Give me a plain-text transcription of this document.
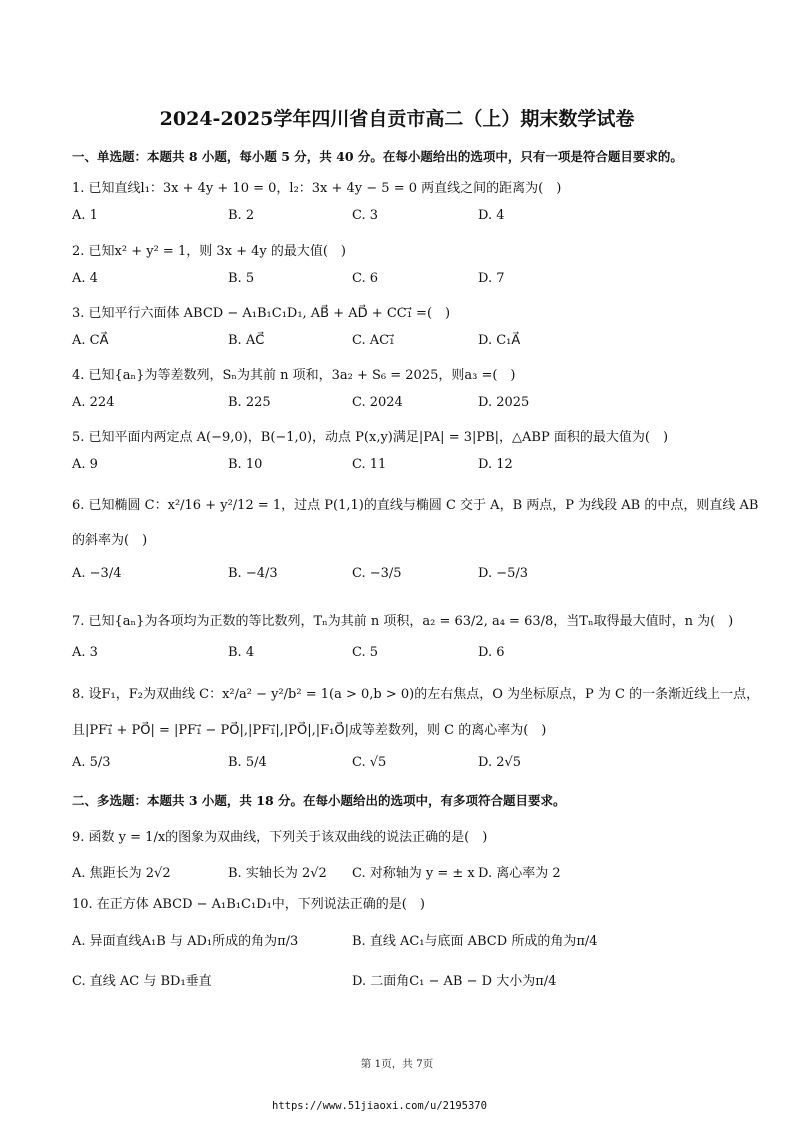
2024-2025学年四川省自贡市高二（上）期末数学试卷
一、单选题：本题共 8 小题，每小题 5 分，共 40 分。在每小题给出的选项中，只有一项是符合题目要求的。
1. 已知直线l₁：3x + 4y + 10 = 0，l₂：3x + 4y − 5 = 0 两直线之间的距离为(　)
A. 1	B. 2	C. 3	D. 4
2. 已知x² + y² = 1，则 3x + 4y 的最大值(　)
A. 4	B. 5	C. 6	D. 7
3. 已知平行六面体 ABCD − A₁B₁C₁D₁, AB⃗ + AD⃗ + CC₁⃗ =(　)
A. CA⃗	B. AC⃗	C. AC₁⃗	D. C₁A⃗
4. 已知{aₙ}为等差数列，Sₙ为其前 n 项和，3a₂ + S₆ = 2025，则a₃ =(　)
A. 224	B. 225	C. 2024	D. 2025
5. 已知平面内两定点 A(−9,0)，B(−1,0)，动点 P(x,y)满足|PA| = 3|PB|，△ABP 面积的最大值为(　)
A. 9	B. 10	C. 11	D. 12
6. 已知椭圆 C：x²/16 + y²/12 = 1，过点 P(1,1)的直线与椭圆 C 交于 A，B 两点，P 为线段 AB 的中点，则直线 AB
的斜率为(　)
A. −3/4	B. −4/3	C. −3/5	D. −5/3
7. 已知{aₙ}为各项均为正数的等比数列，Tₙ为其前 n 项积，a₂ = 63/2, a₄ = 63/8，当Tₙ取得最大值时，n 为(　)
A. 3	B. 4	C. 5	D. 6
8. 设F₁，F₂为双曲线 C：x²/a² − y²/b² = 1(a > 0,b > 0)的左右焦点，O 为坐标原点，P 为 C 的一条渐近线上一点，
且|PF₁⃗ + PO⃗| = |PF₁⃗ − PO⃗|,|PF₁⃗|,|PO⃗|,|F₁O⃗|成等差数列，则 C 的离心率为(　)
A. 5/3	B. 5/4	C. √5	D. 2√5
二、多选题：本题共 3 小题，共 18 分。在每小题给出的选项中，有多项符合题目要求。
9. 函数 y = 1/x的图象为双曲线，下列关于该双曲线的说法正确的是(　)
A. 焦距长为 2√2	B. 实轴长为 2√2 C. 对称轴为 y = ± x D. 离心率为 2
10. 在正方体 ABCD − A₁B₁C₁D₁中，下列说法正确的是(　)
A. 异面直线A₁B 与 AD₁所成的角为π/3	B. 直线 AC₁与底面 ABCD 所成的角为π/4
C. 直线 AC 与 BD₁垂直	D. 二面角C₁ − AB − D 大小为π/4
第 1页，共 7页
https://www.51jiaoxi.com/u/2195370
